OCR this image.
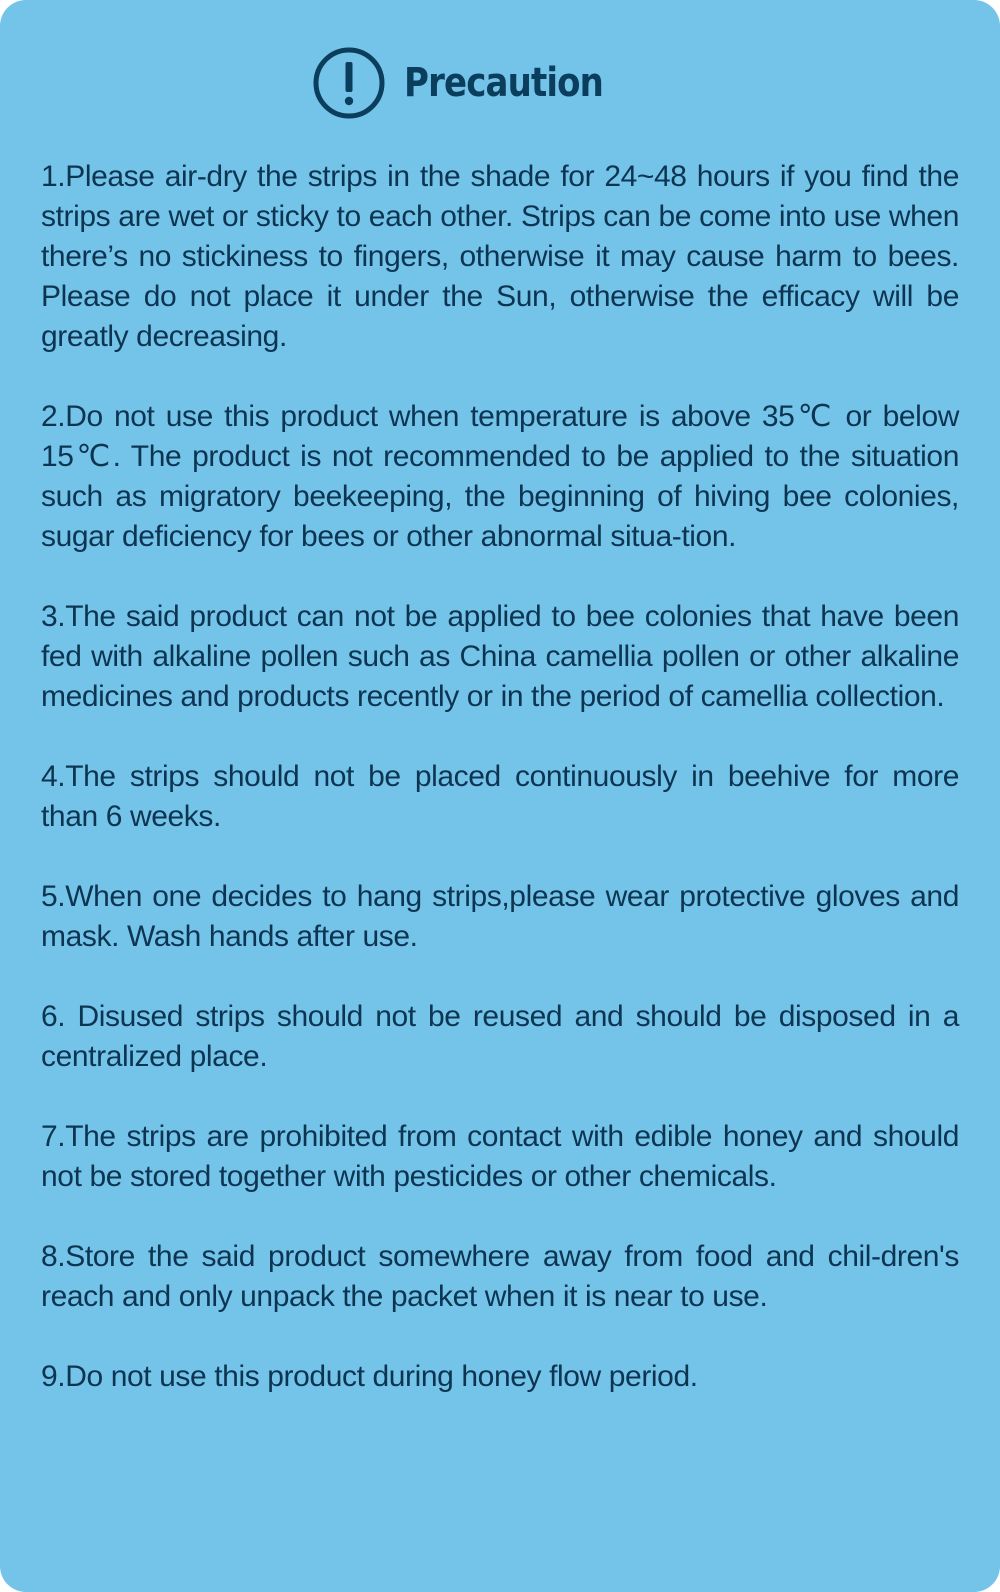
Precaution

1.Please air-dry the strips in the shade for 24~48 hours if you find the strips are wet or sticky to each other. Strips can be come into use when there’s no stickiness to fingers, otherwise it may cause harm to bees. Please do not place it under the Sun, otherwise the efficacy will be greatly decreasing.

2.Do not use this product when temperature is above 35℃ or below 15℃. The product is not recommended to be applied to the situation such as migratory beekeeping, the beginning of hiving bee colonies, sugar deficiency for bees or other abnormal situa-tion.

3.The said product can not be applied to bee colonies that have been fed with alkaline pollen such as China camellia pollen or other alkaline medicines and products recently or in the period of camellia collection.

4.The strips should not be placed continuously in beehive for more than 6 weeks.

5.When one decides to hang strips,please wear protective gloves and mask. Wash hands after use.

6. Disused strips should not be reused and should be disposed in a centralized place.

7.The strips are prohibited from contact with edible honey and should not be stored together with pesticides or other chemicals.

8.Store the said product somewhere away from food and chil-dren's reach and only unpack the packet when it is near to use.

9.Do not use this product during honey flow period.
